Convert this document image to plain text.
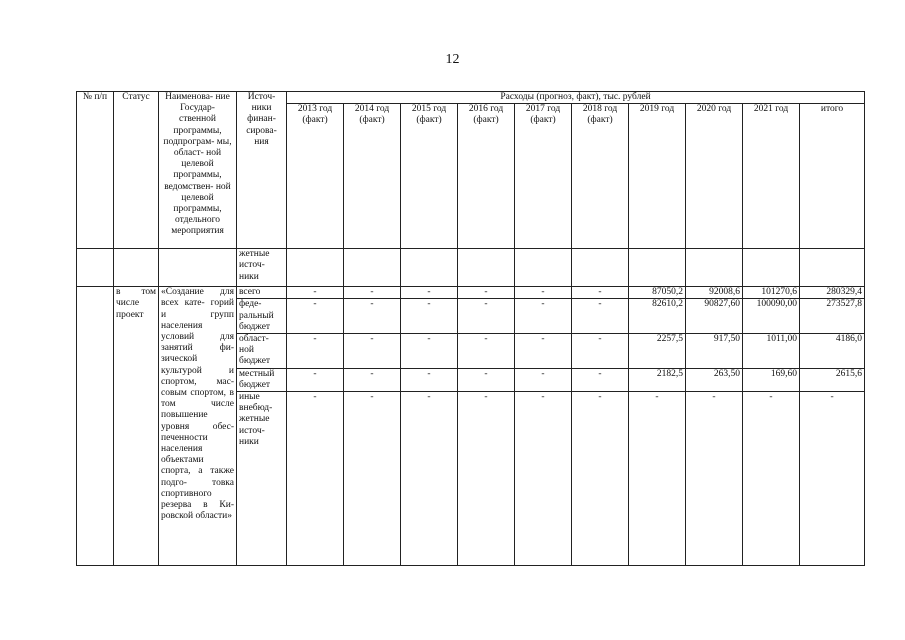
12
№ п/п	Статус	Наименова- ние Государ- ственной программы, подпрограм- мы, област- ной целевой программы, ведомствен- ной целевой программы, отдельного мероприятия	Источ- ники финан- сирова- ния	Расходы (прогноз, факт), тыс. рублей									
				2013 год (факт)	2014 год (факт)	2015 год (факт)	2016 год (факт)	2017 год (факт)	2018 год (факт)	2019 год	2020 год	2021 год	итого
			жетные источ- ники										
	в том числе проект	«Создание для всех кате- горий и групп населения условий для занятий фи- зической культурой и спортом, мас- совым спортом, в том числе повышение уровня обес- печенности населения объектами спорта, а также подго- товка спортивного резерва в Ки- ровской области»	всего	-	-	-	-	-	-	87050,2	92008,6	101270,6	280329,4
			феде- ральный бюджет	-	-	-	-	-	-	82610,2	90827,60	100090,00	273527,8
			област- ной бюджет	-	-	-	-	-	-	2257,5	917,50	1011,00	4186,0
			местный бюджет	-	-	-	-	-	-	2182,5	263,50	169,60	2615,6
			иные внебюд- жетные источ- ники	-	-	-	-	-	-	-	-	-	-
